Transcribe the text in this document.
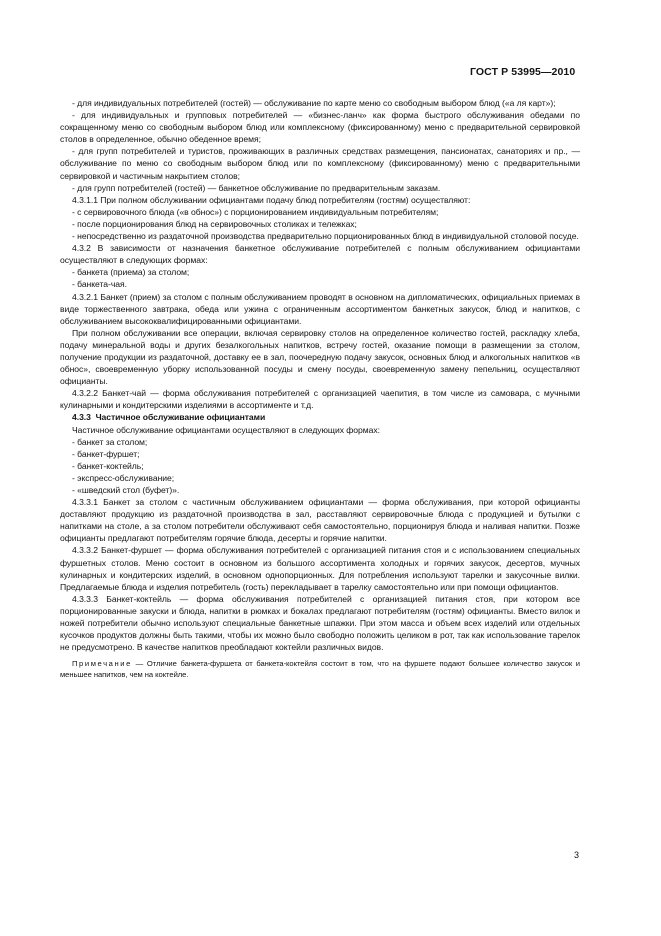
ГОСТ Р 53995—2010

- для индивидуальных потребителей (гостей) — обслуживание по карте меню со свободным выбором блюд («а ля карт»);

- для индивидуальных и групповых потребителей — «бизнес-ланч» как форма быстрого обслуживания обедами по сокращенному меню со свободным выбором блюд или комплексному (фиксированному) меню с предварительной сервировкой столов в определенное, обычно обеденное время;

- для групп потребителей и туристов, проживающих в различных средствах размещения, пансионатах, санаториях и пр., — обслуживание по меню со свободным выбором блюд или по комплексному (фиксированному) меню с предварительными сервировкой и частичным накрытием столов;

- для групп потребителей (гостей) — банкетное обслуживание по предварительным заказам.

4.3.1.1 При полном обслуживании официантами подачу блюд потребителям (гостям) осуществляют:

- с сервировочного блюда («в обнос») с порционированием индивидуальным потребителям;

- после порционирования блюд на сервировочных столиках и тележках;

- непосредственно из раздаточной производства предварительно порционированных блюд в индивидуальной столовой посуде.

4.3.2 В зависимости от назначения банкетное обслуживание потребителей с полным обслуживанием официантами осуществляют в следующих формах:

- банкета (приема) за столом;

- банкета-чая.

4.3.2.1 Банкет (прием) за столом с полным обслуживанием проводят в основном на дипломатических, официальных приемах в виде торжественного завтрака, обеда или ужина с ограниченным ассортиментом банкетных закусок, блюд и напитков, с обслуживанием высококвалифицированными официантами.

При полном обслуживании все операции, включая сервировку столов на определенное количество гостей, раскладку хлеба, подачу минеральной воды и других безалкогольных напитков, встречу гостей, оказание помощи в размещении за столом, получение продукции из раздаточной, доставку ее в зал, поочередную подачу закусок, основных блюд и алкогольных напитков «в обнос», своевременную уборку использованной посуды и смену посуды, своевременную замену пепельниц, осуществляют официанты.

4.3.2.2 Банкет-чай — форма обслуживания потребителей с организацией чаепития, в том числе из самовара, с мучными кулинарными и кондитерскими изделиями в ассортименте и т.д.

4.3.3 Частичное обслуживание официантами

Частичное обслуживание официантами осуществляют в следующих формах:

- банкет за столом;

- банкет-фуршет;

- банкет-коктейль;

- экспресс-обслуживание;

- «шведский стол (буфет)».

4.3.3.1 Банкет за столом с частичным обслуживанием официантами — форма обслуживания, при которой официанты доставляют продукцию из раздаточной производства в зал, расставляют сервировочные блюда с продукцией и бутылки с напитками на столе, а за столом потребители обслуживают себя самостоятельно, порционируя блюда и наливая напитки. Позже официанты предлагают потребителям горячие блюда, десерты и горячие напитки.

4.3.3.2 Банкет-фуршет — форма обслуживания потребителей с организацией питания стоя и с использованием специальных фуршетных столов. Меню состоит в основном из большого ассортимента холодных и горячих закусок, десертов, мучных кулинарных и кондитерских изделий, в основном однопорционных. Для потребления используют тарелки и закусочные вилки. Предлагаемые блюда и изделия потребитель (гость) перекладывает в тарелку самостоятельно или при помощи официантов.

4.3.3.3 Банкет-коктейль — форма обслуживания потребителей с организацией питания стоя, при котором все порционированные закуски и блюда, напитки в рюмках и бокалах предлагают потребителям (гостям) официанты. Вместо вилок и ножей потребители обычно используют специальные банкетные шпажки. При этом масса и объем всех изделий или отдельных кусочков продуктов должны быть такими, чтобы их можно было свободно положить целиком в рот, так как использование тарелок не предусмотрено. В качестве напитков преобладают коктейли различных видов.

Примечание — Отличие банкета-фуршета от банкета-коктейля состоит в том, что на фуршете подают большее количество закусок и меньшее напитков, чем на коктейле.

3
